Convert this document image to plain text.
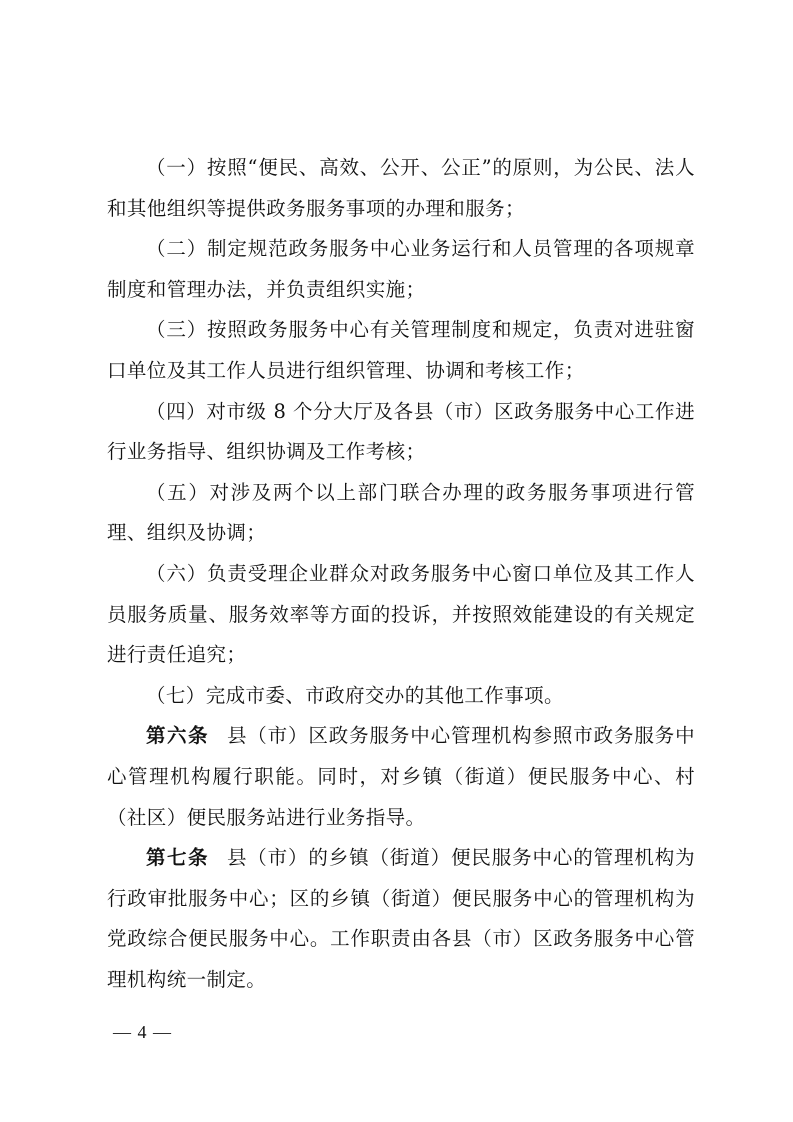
（一）按照“便民、高效、公开、公正”的原则，为公民、法人和其他组织等提供政务服务事项的办理和服务；

（二）制定规范政务服务中心业务运行和人员管理的各项规章制度和管理办法，并负责组织实施；

（三）按照政务服务中心有关管理制度和规定，负责对进驻窗口单位及其工作人员进行组织管理、协调和考核工作；

（四）对市级 8 个分大厅及各县（市）区政务服务中心工作进行业务指导、组织协调及工作考核；

（五）对涉及两个以上部门联合办理的政务服务事项进行管理、组织及协调；

（六）负责受理企业群众对政务服务中心窗口单位及其工作人员服务质量、服务效率等方面的投诉，并按照效能建设的有关规定进行责任追究；

（七）完成市委、市政府交办的其他工作事项。

第六条 县（市）区政务服务中心管理机构参照市政务服务中心管理机构履行职能。同时，对乡镇（街道）便民服务中心、村（社区）便民服务站进行业务指导。

第七条 县（市）的乡镇（街道）便民服务中心的管理机构为行政审批服务中心；区的乡镇（街道）便民服务中心的管理机构为党政综合便民服务中心。工作职责由各县（市）区政务服务中心管理机构统一制定。

— 4 —
